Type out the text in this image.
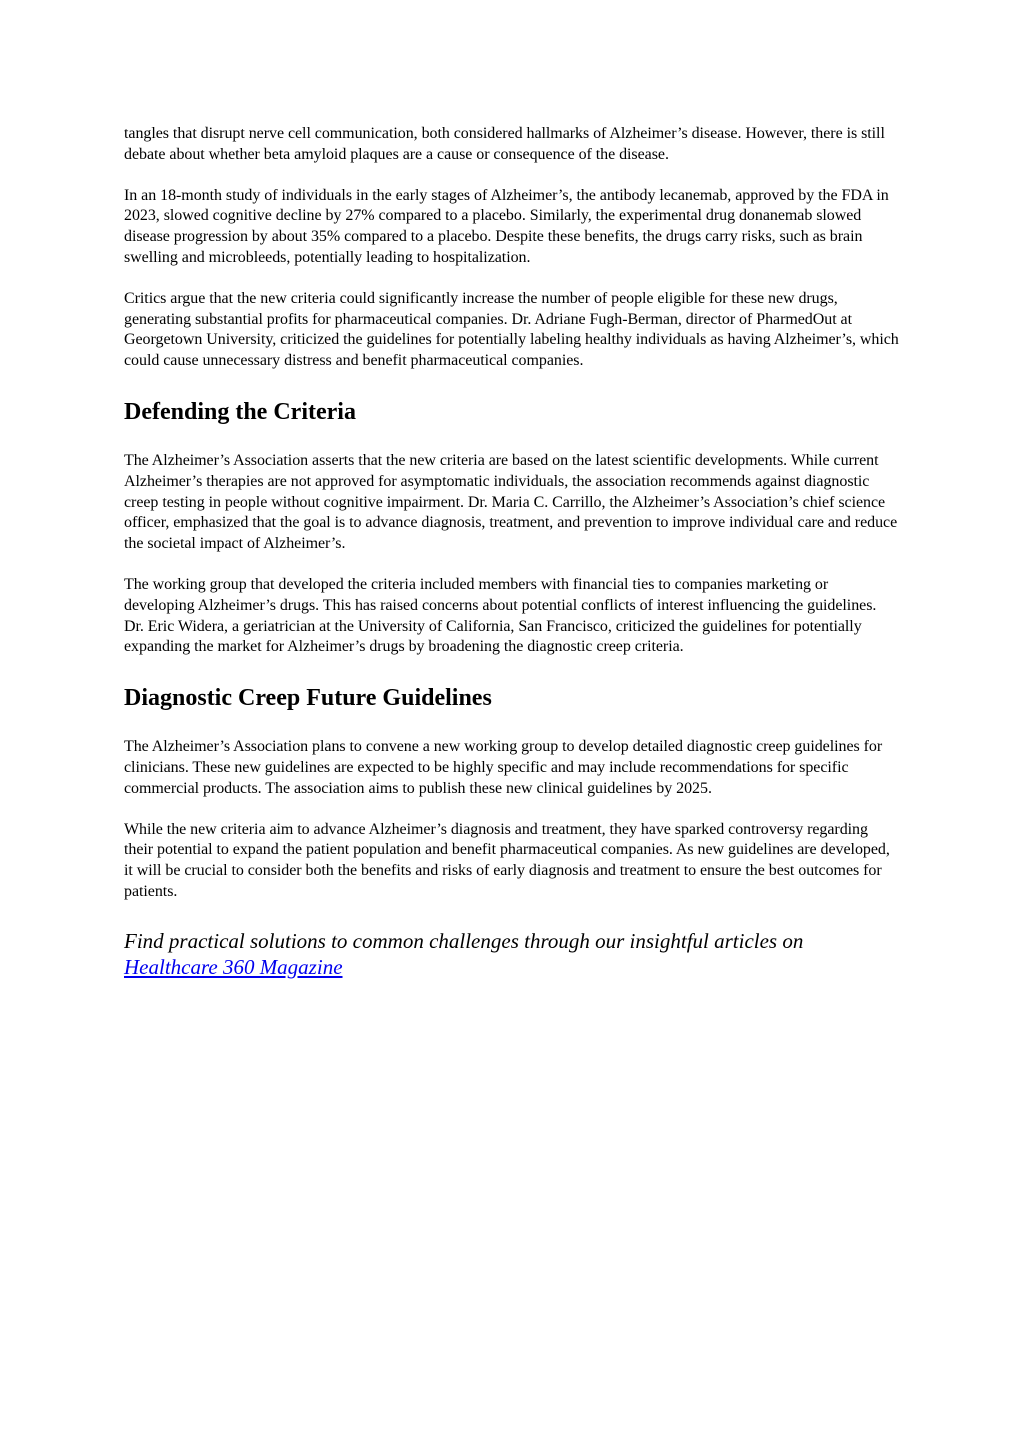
tangles that disrupt nerve cell communication, both considered hallmarks of Alzheimer’s disease. However, there is still debate about whether beta amyloid plaques are a cause or consequence of the disease.

In an 18-month study of individuals in the early stages of Alzheimer’s, the antibody lecanemab, approved by the FDA in 2023, slowed cognitive decline by 27% compared to a placebo. Similarly, the experimental drug donanemab slowed disease progression by about 35% compared to a placebo. Despite these benefits, the drugs carry risks, such as brain swelling and microbleeds, potentially leading to hospitalization.

Critics argue that the new criteria could significantly increase the number of people eligible for these new drugs, generating substantial profits for pharmaceutical companies. Dr. Adriane Fugh-Berman, director of PharmedOut at Georgetown University, criticized the guidelines for potentially labeling healthy individuals as having Alzheimer’s, which could cause unnecessary distress and benefit pharmaceutical companies.

Defending the Criteria

The Alzheimer’s Association asserts that the new criteria are based on the latest scientific developments. While current Alzheimer’s therapies are not approved for asymptomatic individuals, the association recommends against diagnostic creep testing in people without cognitive impairment. Dr. Maria C. Carrillo, the Alzheimer’s Association’s chief science officer, emphasized that the goal is to advance diagnosis, treatment, and prevention to improve individual care and reduce the societal impact of Alzheimer’s.

The working group that developed the criteria included members with financial ties to companies marketing or developing Alzheimer’s drugs. This has raised concerns about potential conflicts of interest influencing the guidelines. Dr. Eric Widera, a geriatrician at the University of California, San Francisco, criticized the guidelines for potentially expanding the market for Alzheimer’s drugs by broadening the diagnostic creep criteria.

Diagnostic Creep Future Guidelines

The Alzheimer’s Association plans to convene a new working group to develop detailed diagnostic creep guidelines for clinicians. These new guidelines are expected to be highly specific and may include recommendations for specific commercial products. The association aims to publish these new clinical guidelines by 2025.

While the new criteria aim to advance Alzheimer’s diagnosis and treatment, they have sparked controversy regarding their potential to expand the patient population and benefit pharmaceutical companies. As new guidelines are developed, it will be crucial to consider both the benefits and risks of early diagnosis and treatment to ensure the best outcomes for patients.

Find practical solutions to common challenges through our insightful articles on Healthcare 360 Magazine
